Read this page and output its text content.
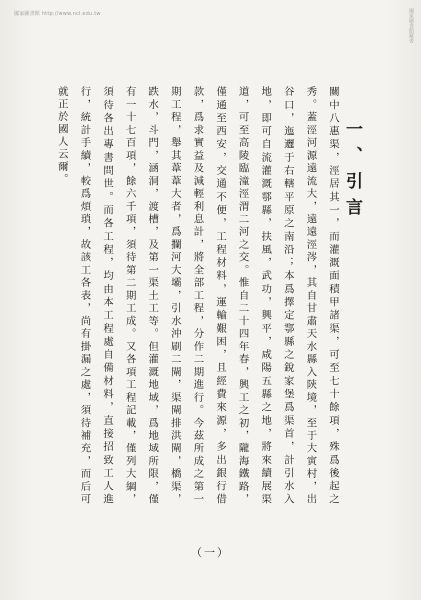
國家圖書館 http://www.ncl.edu.tw	國家圖書館藏書
一、引言

關中八惠渠，涇居其一，而灌溉面積甲諸渠，可至七十餘項，殊爲後起之秀。蓋涇河源遠流大，遠遠涇涔，其自甘肅天水縣入陝境，至于大寅村，出谷口，迤邐于右轄平原之南沿；本爲擇定鄠縣之銳家堡爲渠首，計引水入地，即可自流灌溉鄠縣，扶風，武功，興平，咸陽五縣之地，將來續展渠道，可至高陵臨潼涇渭二河之交。惟自二十四年春，興工之初，隴海鐵路，僅通至西安，交通不便，工程材料，運輸艱困，且經費來源，多出銀行借款，爲求實益及減輕利息計，將全部工程，分作二期進行。今茲所成之第一期工程，舉其葦葦大者，爲攔河大壩，引水沖刷二閘，渠閘排洪閘，橋渠，跌水，斗門，涵洞，渡槽，及第一渠土工等。但灌溉地域，爲地域所限，僅有一十七百項，餘六千項，須待第二期工成。又各項工程記載，僅列大綱，須待各出專書問世。而各工程，均由本工程處自備材料，直接招致工人進行，統計手續，較爲煩瑣，故該工各表，尚有掛漏之處，須待補充，而后可就正於國人云爾。

（一）
